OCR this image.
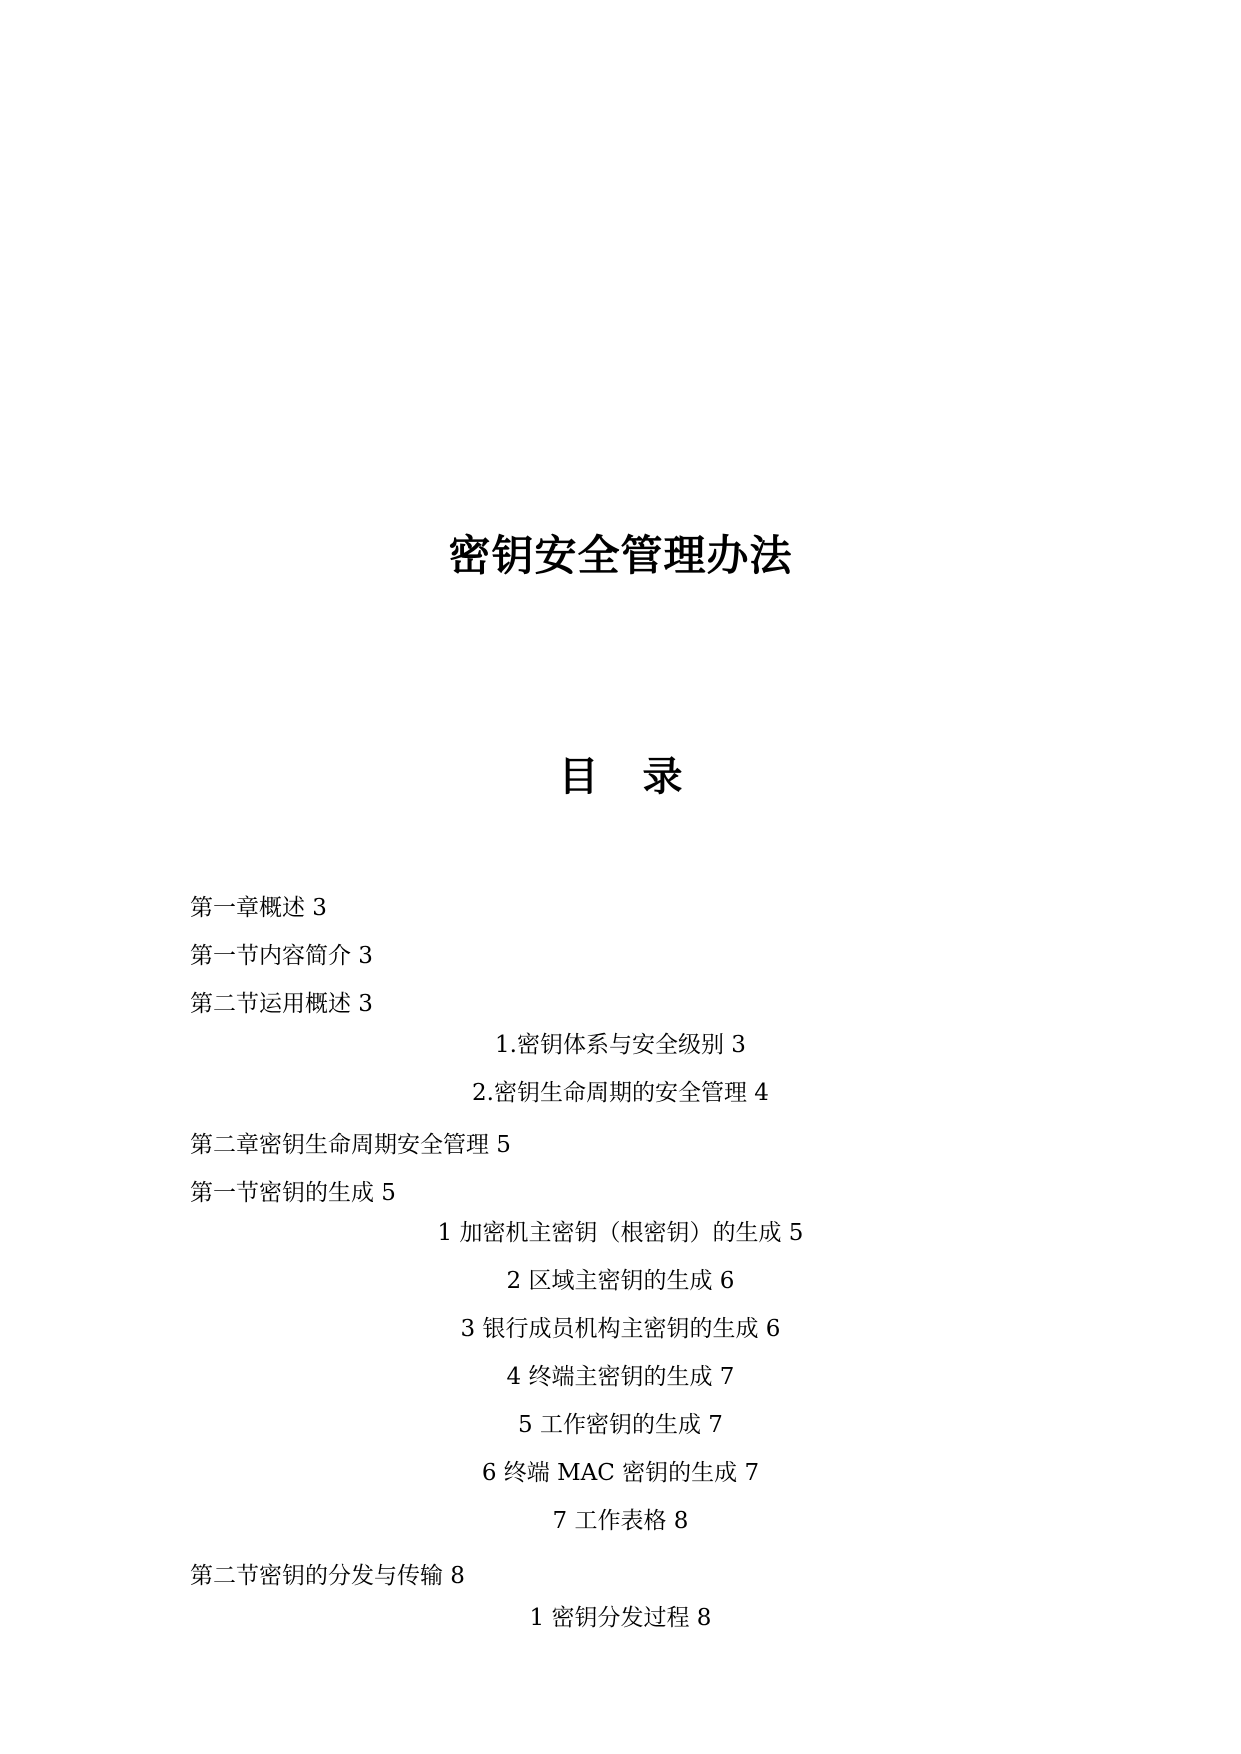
密钥安全管理办法
目 录
第一章概述 3
第一节内容简介 3
第二节运用概述 3
1.密钥体系与安全级别 3
2.密钥生命周期的安全管理 4
第二章密钥生命周期安全管理 5
第一节密钥的生成 5
1 加密机主密钥（根密钥）的生成 5
2 区域主密钥的生成 6
3 银行成员机构主密钥的生成 6
4 终端主密钥的生成 7
5 工作密钥的生成 7
6 终端 MAC 密钥的生成 7
7 工作表格 8
第二节密钥的分发与传输 8
1 密钥分发过程 8
